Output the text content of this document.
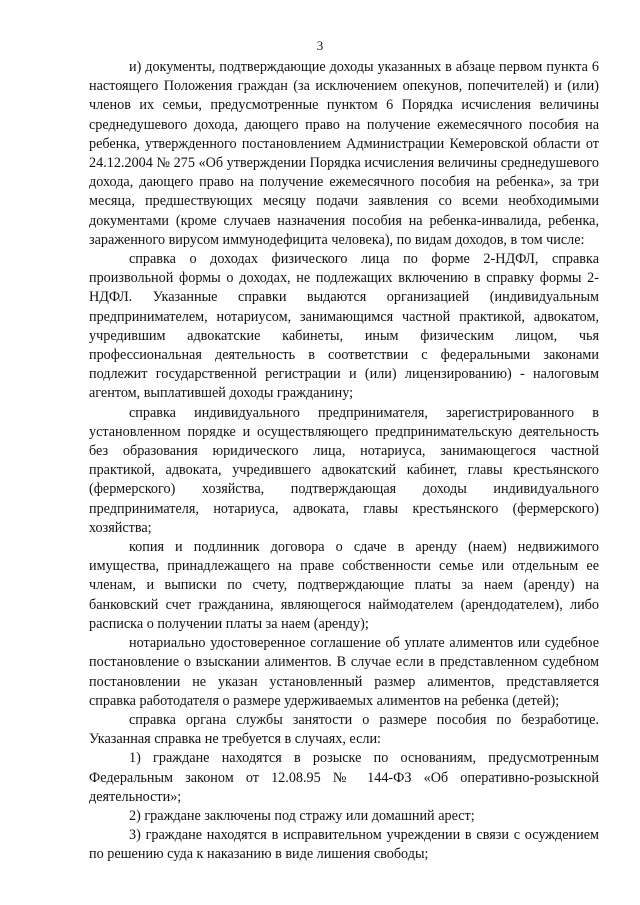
3

и) документы, подтверждающие доходы указанных в абзаце первом пункта 6 настоящего Положения граждан (за исключением опекунов, попечителей) и (или) членов их семьи, предусмотренные пунктом 6 Порядка исчисления величины среднедушевого дохода, дающего право на получение ежемесячного пособия на ребенка, утвержденного постановлением Администрации Кемеровской области от 24.12.2004 № 275 «Об утверждении Порядка исчисления величины среднедушевого дохода, дающего право на получение ежемесячного пособия на ребенка», за три месяца, предшествующих месяцу подачи заявления со всеми необходимыми документами (кроме случаев назначения пособия на ребенка-инвалида, ребенка, зараженного вирусом иммунодефицита человека), по видам доходов, в том числе:

справка о доходах физического лица по форме 2-НДФЛ, справка произвольной формы о доходах, не подлежащих включению в справку формы 2-НДФЛ. Указанные справки выдаются организацией (индивидуальным предпринимателем, нотариусом, занимающимся частной практикой, адвокатом, учредившим адвокатские кабинеты, иным физическим лицом, чья профессиональная деятельность в соответствии с федеральными законами подлежит государственной регистрации и (или) лицензированию) - налоговым агентом, выплатившей доходы гражданину;

справка индивидуального предпринимателя, зарегистрированного в установленном порядке и осуществляющего предпринимательскую деятельность без образования юридического лица, нотариуса, занимающегося частной практикой, адвоката, учредившего адвокатский кабинет, главы крестьянского (фермерского) хозяйства, подтверждающая доходы индивидуального предпринимателя, нотариуса, адвоката, главы крестьянского (фермерского) хозяйства;

копия и подлинник договора о сдаче в аренду (наем) недвижимого имущества, принадлежащего на праве собственности семье или отдельным ее членам, и выписки по счету, подтверждающие платы за наем (аренду) на банковский счет гражданина, являющегося наймодателем (арендодателем), либо расписка о получении платы за наем (аренду);

нотариально удостоверенное соглашение об уплате алиментов или судебное постановление о взыскании алиментов. В случае если в представленном судебном постановлении не указан установленный размер алиментов, представляется справка работодателя о размере удерживаемых алиментов на ребенка (детей);

справка органа службы занятости о размере пособия по безработице. Указанная справка не требуется в случаях, если:

1) граждане находятся в розыске по основаниям, предусмотренным Федеральным законом от 12.08.95 № 144-ФЗ «Об оперативно-розыскной деятельности»;

2) граждане заключены под стражу или домашний арест;

3) граждане находятся в исправительном учреждении в связи с осуждением по решению суда к наказанию в виде лишения свободы;
